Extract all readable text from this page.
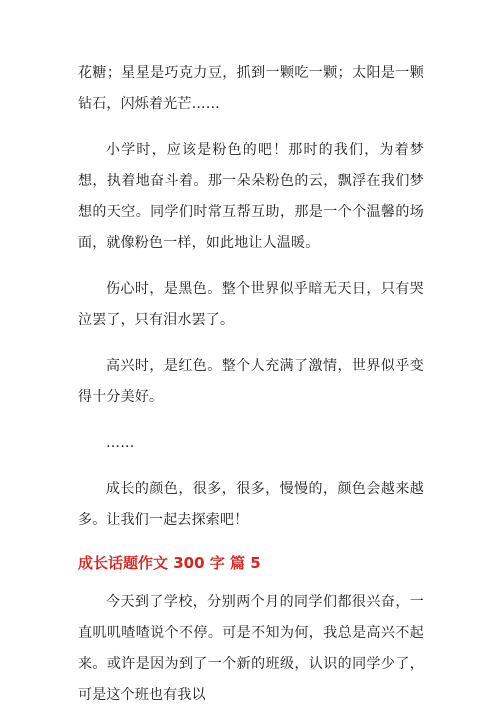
花糖；星星是巧克力豆，抓到一颗吃一颗；太阳是一颗钻石，闪烁着光芒……

小学时，应该是粉色的吧！那时的我们，为着梦想，执着地奋斗着。那一朵朵粉色的云，飘浮在我们梦想的天空。同学们时常互帮互助，那是一个个温馨的场面，就像粉色一样，如此地让人温暖。

伤心时，是黑色。整个世界似乎暗无天日，只有哭泣罢了，只有泪水罢了。

高兴时，是红色。整个人充满了激情，世界似乎变得十分美好。

……

成长的颜色，很多，很多，慢慢的，颜色会越来越多。让我们一起去探索吧！

成长话题作文 300 字 篇 5

今天到了学校，分别两个月的同学们都很兴奋，一直叽叽喳喳说个不停。可是不知为何，我总是高兴不起来。或许是因为到了一个新的班级，认识的同学少了，可是这个班也有我以
